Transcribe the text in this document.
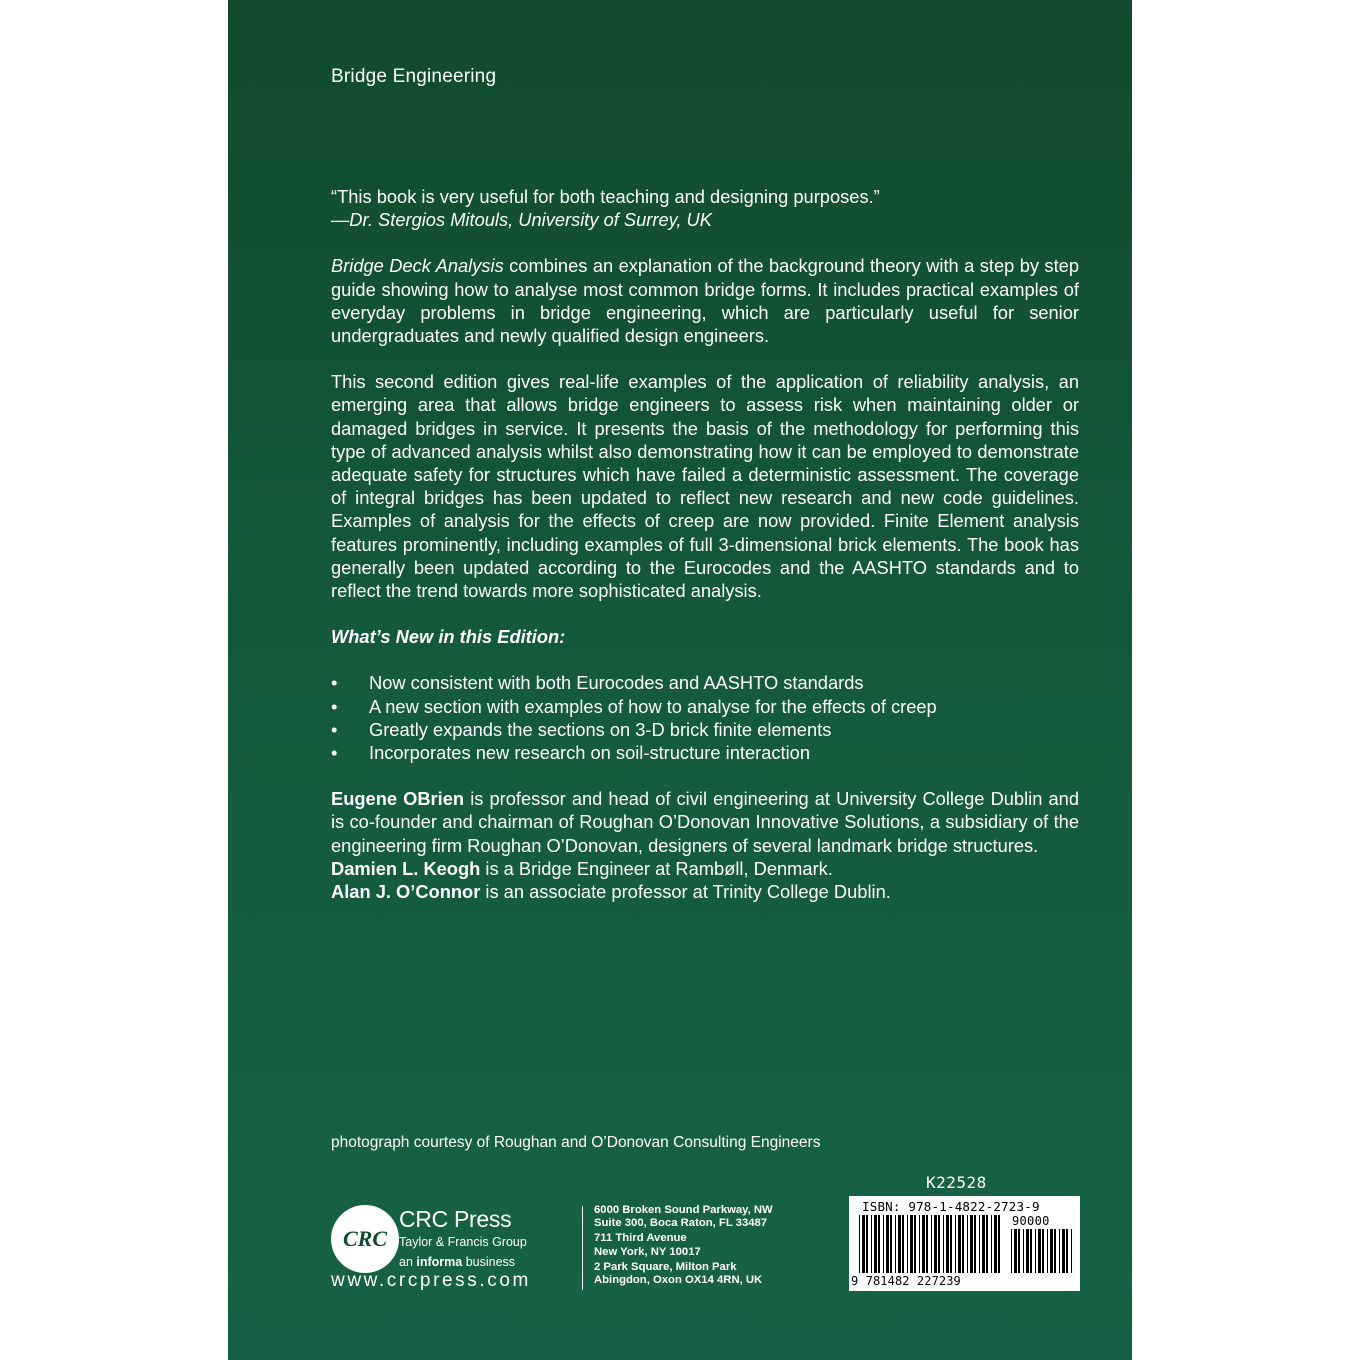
Bridge Engineering
“This book is very useful for both teaching and designing purposes.”
—Dr. Stergios Mitouls, University of Surrey, UK

Bridge Deck Analysis combines an explanation of the background theory with a step by step guide showing how to analyse most common bridge forms. It includes practical examples of everyday problems in bridge engineering, which are particularly useful for senior undergraduates and newly qualified design engineers.

This second edition gives real-life examples of the application of reliability analysis, an emerging area that allows bridge engineers to assess risk when maintaining older or damaged bridges in service. It presents the basis of the methodology for performing this type of advanced analysis whilst also demonstrating how it can be employed to demonstrate adequate safety for structures which have failed a deterministic assessment. The coverage of integral bridges has been updated to reflect new research and new code guidelines. Examples of analysis for the effects of creep are now provided. Finite Element analysis features prominently, including examples of full 3-dimensional brick elements. The book has generally been updated according to the Eurocodes and the AASHTO standards and to reflect the trend towards more sophisticated analysis.

What’s New in this Edition:
• Now consistent with both Eurocodes and AASHTO standards
• A new section with examples of how to analyse for the effects of creep
• Greatly expands the sections on 3-D brick finite elements
• Incorporates new research on soil-structure interaction

Eugene OBrien is professor and head of civil engineering at University College Dublin and is co-founder and chairman of Roughan O’Donovan Innovative Solutions, a subsidiary of the engineering firm Roughan O’Donovan, designers of several landmark bridge structures.

Damien L. Keogh is a Bridge Engineer at Rambøll, Denmark.

Alan J. O’Connor is an associate professor at Trinity College Dublin.

photograph courtesy of Roughan and O’Donovan Consulting Engineers
CRC
CRC Press
Taylor & Francis Group
an informa business
www.crcpress.com
6000 Broken Sound Parkway, NW
Suite 300, Boca Raton, FL 33487
711 Third Avenue
New York, NY 10017
2 Park Square, Milton Park
Abingdon, Oxon OX14 4RN, UK
K22528
ISBN: 978-1-4822-2723-9
90000
9 781482 227239
